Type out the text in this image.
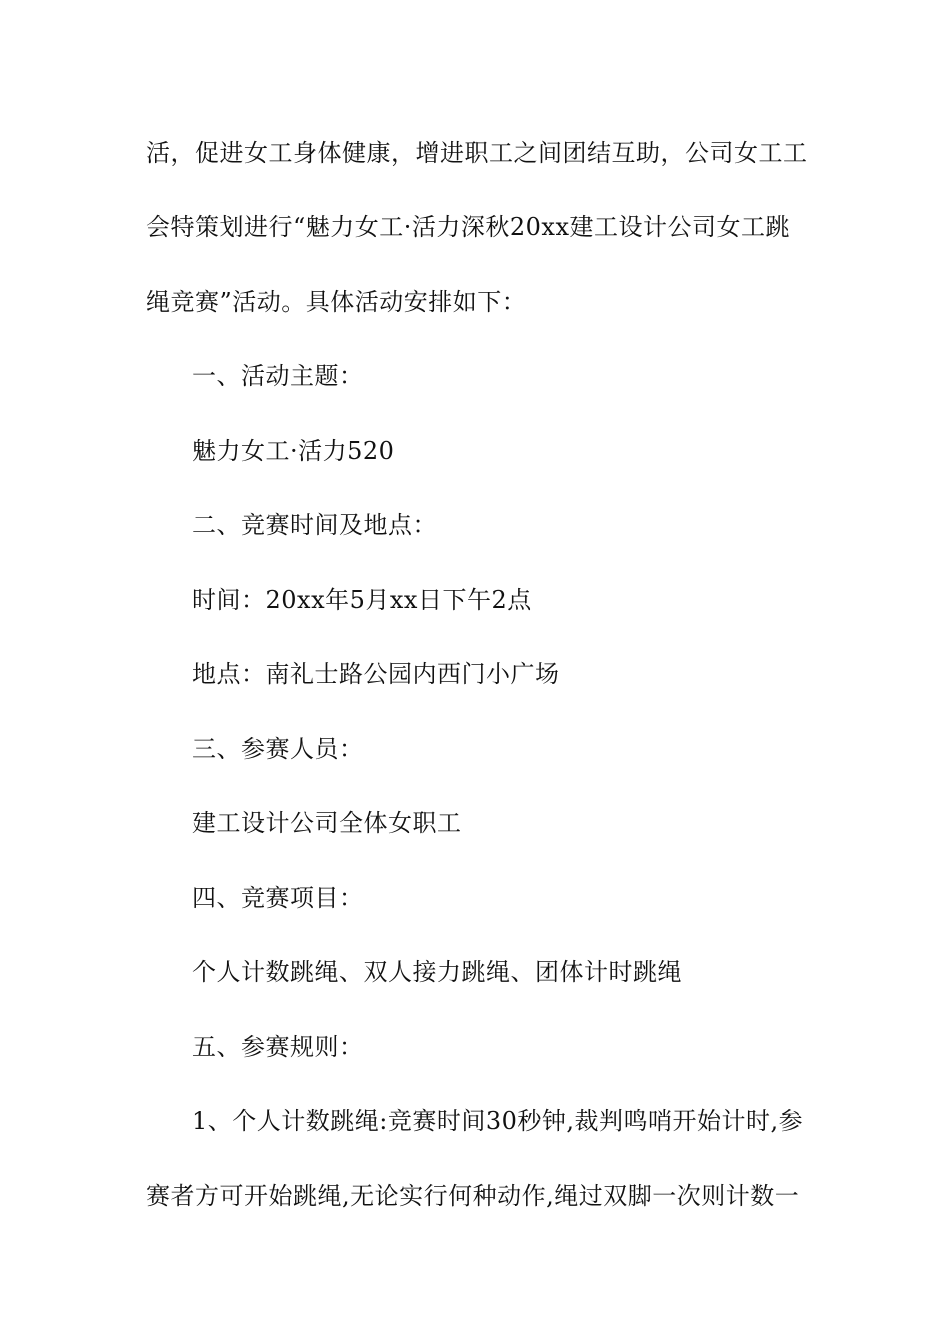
活，促进女工身体健康，增进职工之间团结互助，公司女工工
会特策划进行“魅力女工·活力深秋20xx建工设计公司女工跳
绳竞赛”活动。具体活动安排如下：
一、活动主题：
魅力女工·活力520
二、竞赛时间及地点：
时间：20xx年5月xx日下午2点
地点：南礼士路公园内西门小广场
三、参赛人员：
建工设计公司全体女职工
四、竞赛项目：
个人计数跳绳、双人接力跳绳、团体计时跳绳
五、参赛规则：
1、个人计数跳绳:竞赛时间30秒钟,裁判鸣哨开始计时,参
赛者方可开始跳绳,无论实行何种动作,绳过双脚一次则计数一
